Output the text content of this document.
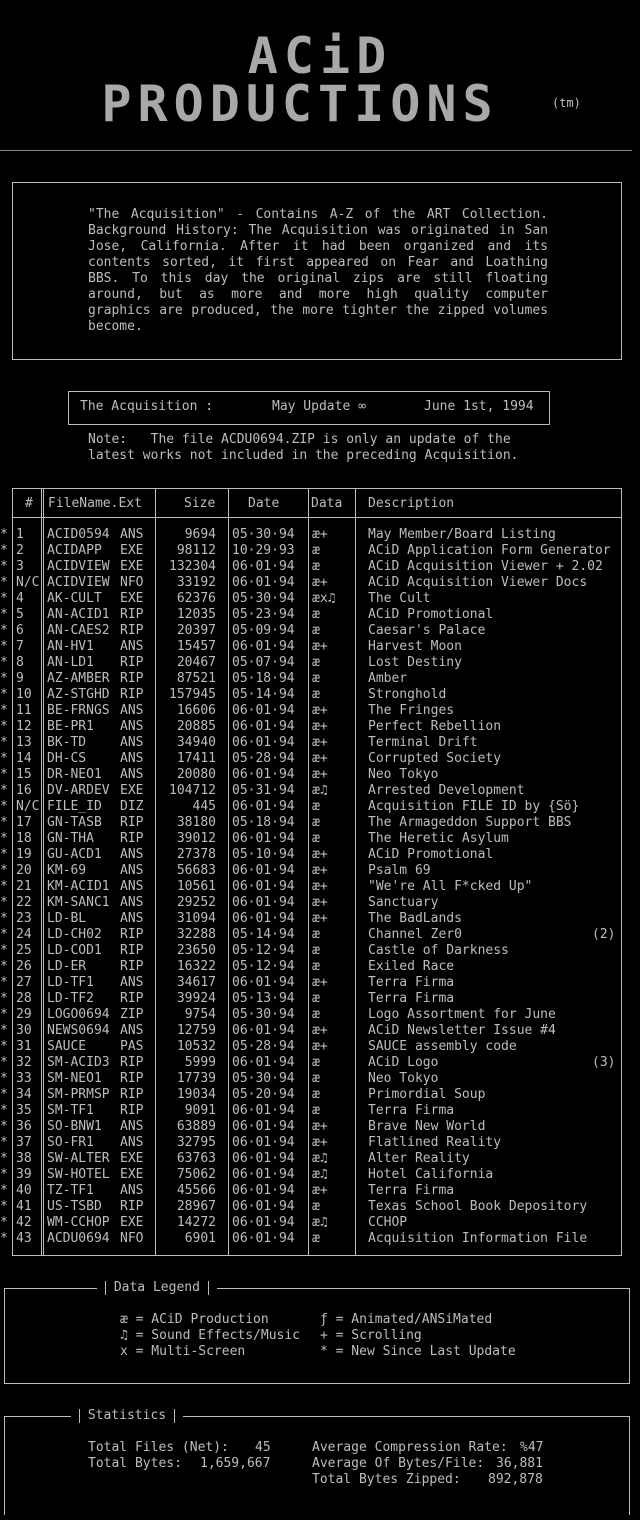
ACiD
PRODUCTIONS	(tm)
"The Acquisition" - Contains A-Z of the ART Collection. Background History: The Acquisition was originated in San Jose, California. After it had been organized and its contents sorted, it first appeared on Fear and Loathing BBS. To this day the original zips are still floating around, but as more and more high quality computer graphics are produced, the more tighter the zipped volumes become.
The Acquisition :	May Update ∞	June 1st, 1994
Note:   The file ACDU0694.ZIP is only an update of the
latest works not included in the preceding Acquisition.
# FileName.Ext	Size	Date Data Description
* 1 ACID0594 ANS	9694 05·30·94 æ+	May Member/Board Listing
* 2 ACIDAPP EXE	98112 10·29·93 æ	ACiD Application Form Generator
* 3 ACIDVIEW EXE	132304 06·01·94 æ	ACiD Acquisition Viewer + 2.02
* N/C ACIDVIEW NFO	33192 06·01·94 æ+	ACiD Acquisition Viewer Docs
* 4 AK-CULT EXE	62376 05·30·94 æx♫	The Cult
* 5 AN-ACID1 RIP	12035 05·23·94 æ	ACiD Promotional
* 6 AN-CAES2 RIP	20397 05·09·94 æ	Caesar's Palace
* 7 AN-HV1 ANS	15457 06·01·94 æ+	Harvest Moon
* 8 AN-LD1 RIP	20467 05·07·94 æ	Lost Destiny
* 9 AZ-AMBER RIP	87521 05·18·94 æ	Amber
* 10 AZ-STGHD RIP	157945 05·14·94 æ	Stronghold
* 11 BE-FRNGS ANS	16606 06·01·94 æ+	The Fringes
* 12 BE-PR1 ANS	20885 06·01·94 æ+	Perfect Rebellion
* 13 BK-TD	ANS	34940 06·01·94 æ+	Terminal Drift
* 14 DH-CS	ANS	17411 05·28·94 æ+	Corrupted Society
* 15 DR-NEO1 ANS	20080 06·01·94 æ+	Neo Tokyo
* 16 DV-ARDEV EXE	104712 05·31·94 æ♫	Arrested Development
* N/C FILE_ID DIZ	445 06·01·94 æ	Acquisition FILE ID by {Sö}
* 17 GN-TASB RIP	38180 05·18·94 æ	The Armageddon Support BBS
* 18 GN-THA RIP	39012 06·01·94 æ	The Heretic Asylum
* 19 GU-ACD1 ANS	27378 05·10·94 æ+	ACiD Promotional
* 20 KM-69	ANS	56683 06·01·94 æ+	Psalm 69
* 21 KM-ACID1 ANS	10561 06·01·94 æ+	"We're All F*cked Up"
* 22 KM-SANC1 ANS	29252 06·01·94 æ+	Sanctuary
* 23 LD-BL	ANS	31094 06·01·94 æ+	The BadLands
* 24 LD-CH02 RIP	32288 05·14·94 æ	Channel Zer0	(2)
* 25 LD-COD1 RIP	23650 05·12·94 æ	Castle of Darkness
* 26 LD-ER	RIP	16322 05·12·94 æ	Exiled Race
* 27 LD-TF1 ANS	34617 06·01·94 æ+	Terra Firma
* 28 LD-TF2 RIP	39924 05·13·94 æ	Terra Firma
* 29 LOGO0694 ZIP	9754 05·30·94 æ	Logo Assortment for June
* 30 NEWS0694 ANS	12759 06·01·94 æ+	ACiD Newsletter Issue #4
* 31 SAUCE	PAS	10532 05·28·94 æ+	SAUCE assembly code
* 32 SM-ACID3 RIP	5999 06·01·94 æ	ACiD Logo	(3)
* 33 SM-NEO1 RIP	17739 05·30·94 æ	Neo Tokyo
* 34 SM-PRMSP RIP	19034 05·20·94 æ	Primordial Soup
* 35 SM-TF1 RIP	9091 06·01·94 æ	Terra Firma
* 36 SO-BNW1 ANS	63889 06·01·94 æ+	Brave New World
* 37 SO-FR1 ANS	32795 06·01·94 æ+	Flatlined Reality
* 38 SW-ALTER EXE	63763 06·01·94 æ♫	Alter Reality
* 39 SW-HOTEL EXE	75062 06·01·94 æ♫	Hotel California
* 40 TZ-TF1 ANS	45566 06·01·94 æ+	Terra Firma
* 41 US-TSBD RIP	28967 06·01·94 æ	Texas School Book Depository
* 42 WM-CCHOP EXE	14272 06·01·94 æ♫	CCHOP
* 43 ACDU0694 NFO	6901 06·01·94 æ	Acquisition Information File
Data Legend
æ = ACiD Production	ƒ = Animated/ANSiMated
♫ = Sound Effects/Music + = Scrolling
x = Multi-Screen	* = New Since Last Update
Statistics
Total Files (Net): 45
Total Bytes: 1,659,667
Average Compression Rate: %47
Average Of Bytes/File: 36,881
Total Bytes Zipped: 892,878
